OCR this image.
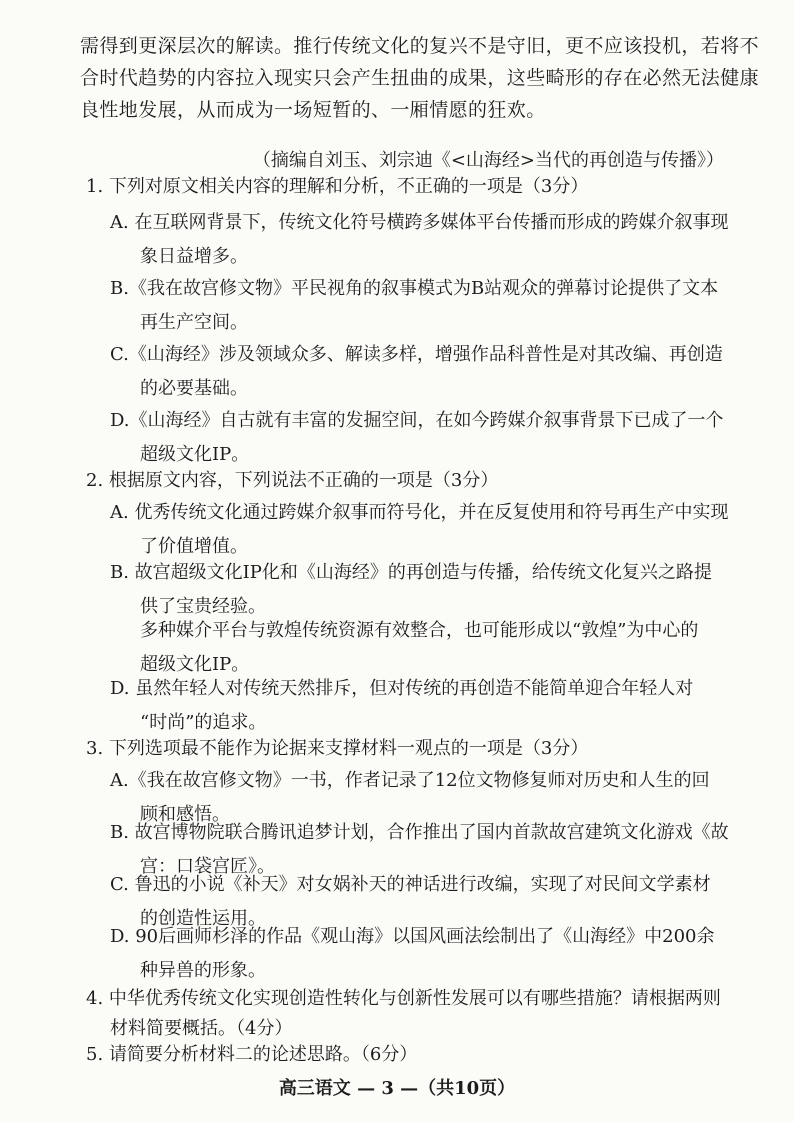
需得到更深层次的解读。推行传统文化的复兴不是守旧，更不应该投机，若将不

合时代趋势的内容拉入现实只会产生扭曲的成果，这些畸形的存在必然无法健康

良性地发展，从而成为一场短暂的、一厢情愿的狂欢。

（摘编自刘玉、刘宗迪《<山海经>当代的再创造与传播》）
1. 下列对原文相关内容的理解和分析，不正确的一项是（3分）
A. 在互联网背景下，传统文化符号横跨多媒体平台传播而形成的跨媒介叙事现
象日益增多。
B.《我在故宫修文物》平民视角的叙事模式为B站观众的弹幕讨论提供了文本
再生产空间。
C.《山海经》涉及领域众多、解读多样，增强作品科普性是对其改编、再创造
的必要基础。
D.《山海经》自古就有丰富的发掘空间，在如今跨媒介叙事背景下已成了一个
超级文化IP。
2. 根据原文内容，下列说法不正确的一项是（3分）
A. 优秀传统文化通过跨媒介叙事而符号化，并在反复使用和符号再生产中实现
了价值增值。
B. 故宫超级文化IP化和《山海经》的再创造与传播，给传统文化复兴之路提
供了宝贵经验。
多种媒介平台与敦煌传统资源有效整合，也可能形成以“敦煌”为中心的
超级文化IP。
D. 虽然年轻人对传统天然排斥，但对传统的再创造不能简单迎合年轻人对
“时尚”的追求。
3. 下列选项最不能作为论据来支撑材料一观点的一项是（3分）
A.《我在故宫修文物》一书，作者记录了12位文物修复师对历史和人生的回
顾和感悟。
B. 故宫博物院联合腾讯追梦计划，合作推出了国内首款故宫建筑文化游戏《故
宫：口袋宫匠》。
C. 鲁迅的小说《补天》对女娲补天的神话进行改编，实现了对民间文学素材
的创造性运用。
D. 90后画师杉泽的作品《观山海》以国风画法绘制出了《山海经》中200余
种异兽的形象。
4. 中华优秀传统文化实现创造性转化与创新性发展可以有哪些措施？请根据两则
材料简要概括。（4分）
5. 请简要分析材料二的论述思路。（6分）
高三语文 — 3 —（共10页）
